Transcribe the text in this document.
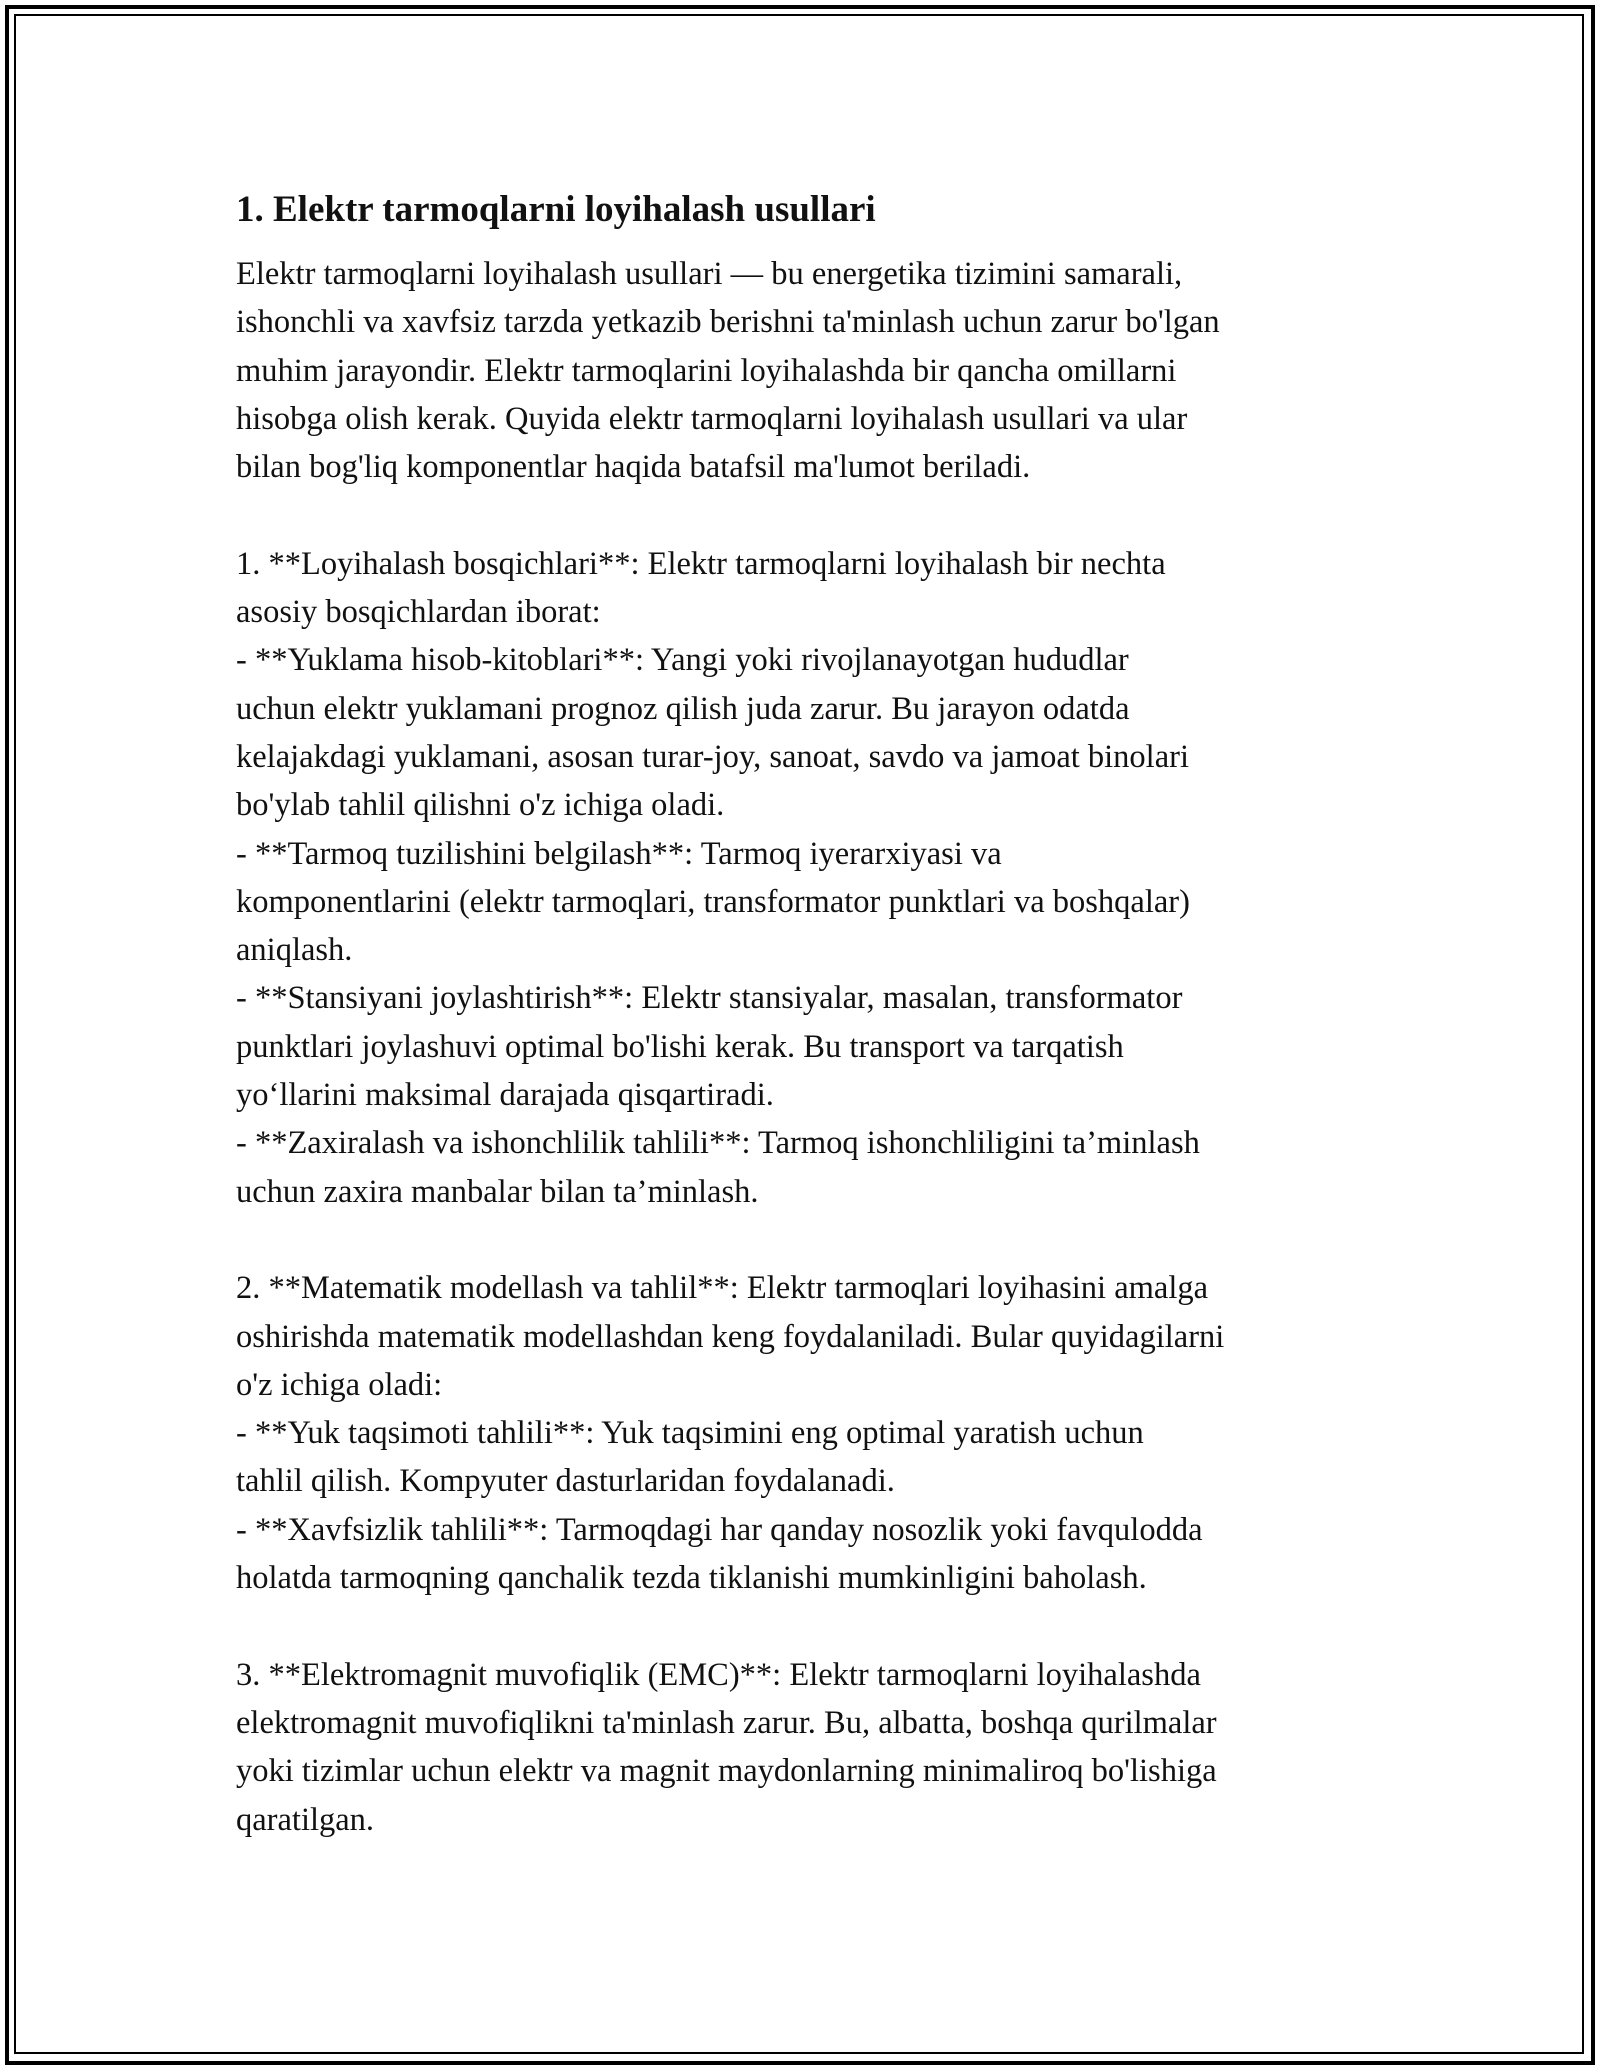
1. Elektr tarmoqlarni loyihalash usullari
Elektr tarmoqlarni loyihalash usullari — bu energetika tizimini samarali,
ishonchli va xavfsiz tarzda yetkazib berishni ta'minlash uchun zarur bo'lgan
muhim jarayondir. Elektr tarmoqlarini loyihalashda bir qancha omillarni
hisobga olish kerak. Quyida elektr tarmoqlarni loyihalash usullari va ular
bilan bog'liq komponentlar haqida batafsil ma'lumot beriladi.
1. **Loyihalash bosqichlari**: Elektr tarmoqlarni loyihalash bir nechta
asosiy bosqichlardan iborat:
- **Yuklama hisob-kitoblari**: Yangi yoki rivojlanayotgan hududlar
uchun elektr yuklamani prognoz qilish juda zarur. Bu jarayon odatda
kelajakdagi yuklamani, asosan turar-joy, sanoat, savdo va jamoat binolari
bo'ylab tahlil qilishni o'z ichiga oladi.
- **Tarmoq tuzilishini belgilash**: Tarmoq iyerarxiyasi va
komponentlarini (elektr tarmoqlari, transformator punktlari va boshqalar)
aniqlash.
- **Stansiyani joylashtirish**: Elektr stansiyalar, masalan, transformator
punktlari joylashuvi optimal bo'lishi kerak. Bu transport va tarqatish
yo‘llarini maksimal darajada qisqartiradi.
- **Zaxiralash va ishonchlilik tahlili**: Tarmoq ishonchliligini ta’minlash
uchun zaxira manbalar bilan ta’minlash.
2. **Matematik modellash va tahlil**: Elektr tarmoqlari loyihasini amalga
oshirishda matematik modellashdan keng foydalaniladi. Bular quyidagilarni
o'z ichiga oladi:
- **Yuk taqsimoti tahlili**: Yuk taqsimini eng optimal yaratish uchun
tahlil qilish. Kompyuter dasturlaridan foydalanadi.
- **Xavfsizlik tahlili**: Tarmoqdagi har qanday nosozlik yoki favqulodda
holatda tarmoqning qanchalik tezda tiklanishi mumkinligini baholash.
3. **Elektromagnit muvofiqlik (EMC)**: Elektr tarmoqlarni loyihalashda
elektromagnit muvofiqlikni ta'minlash zarur. Bu, albatta, boshqa qurilmalar
yoki tizimlar uchun elektr va magnit maydonlarning minimaliroq bo'lishiga
qaratilgan.
